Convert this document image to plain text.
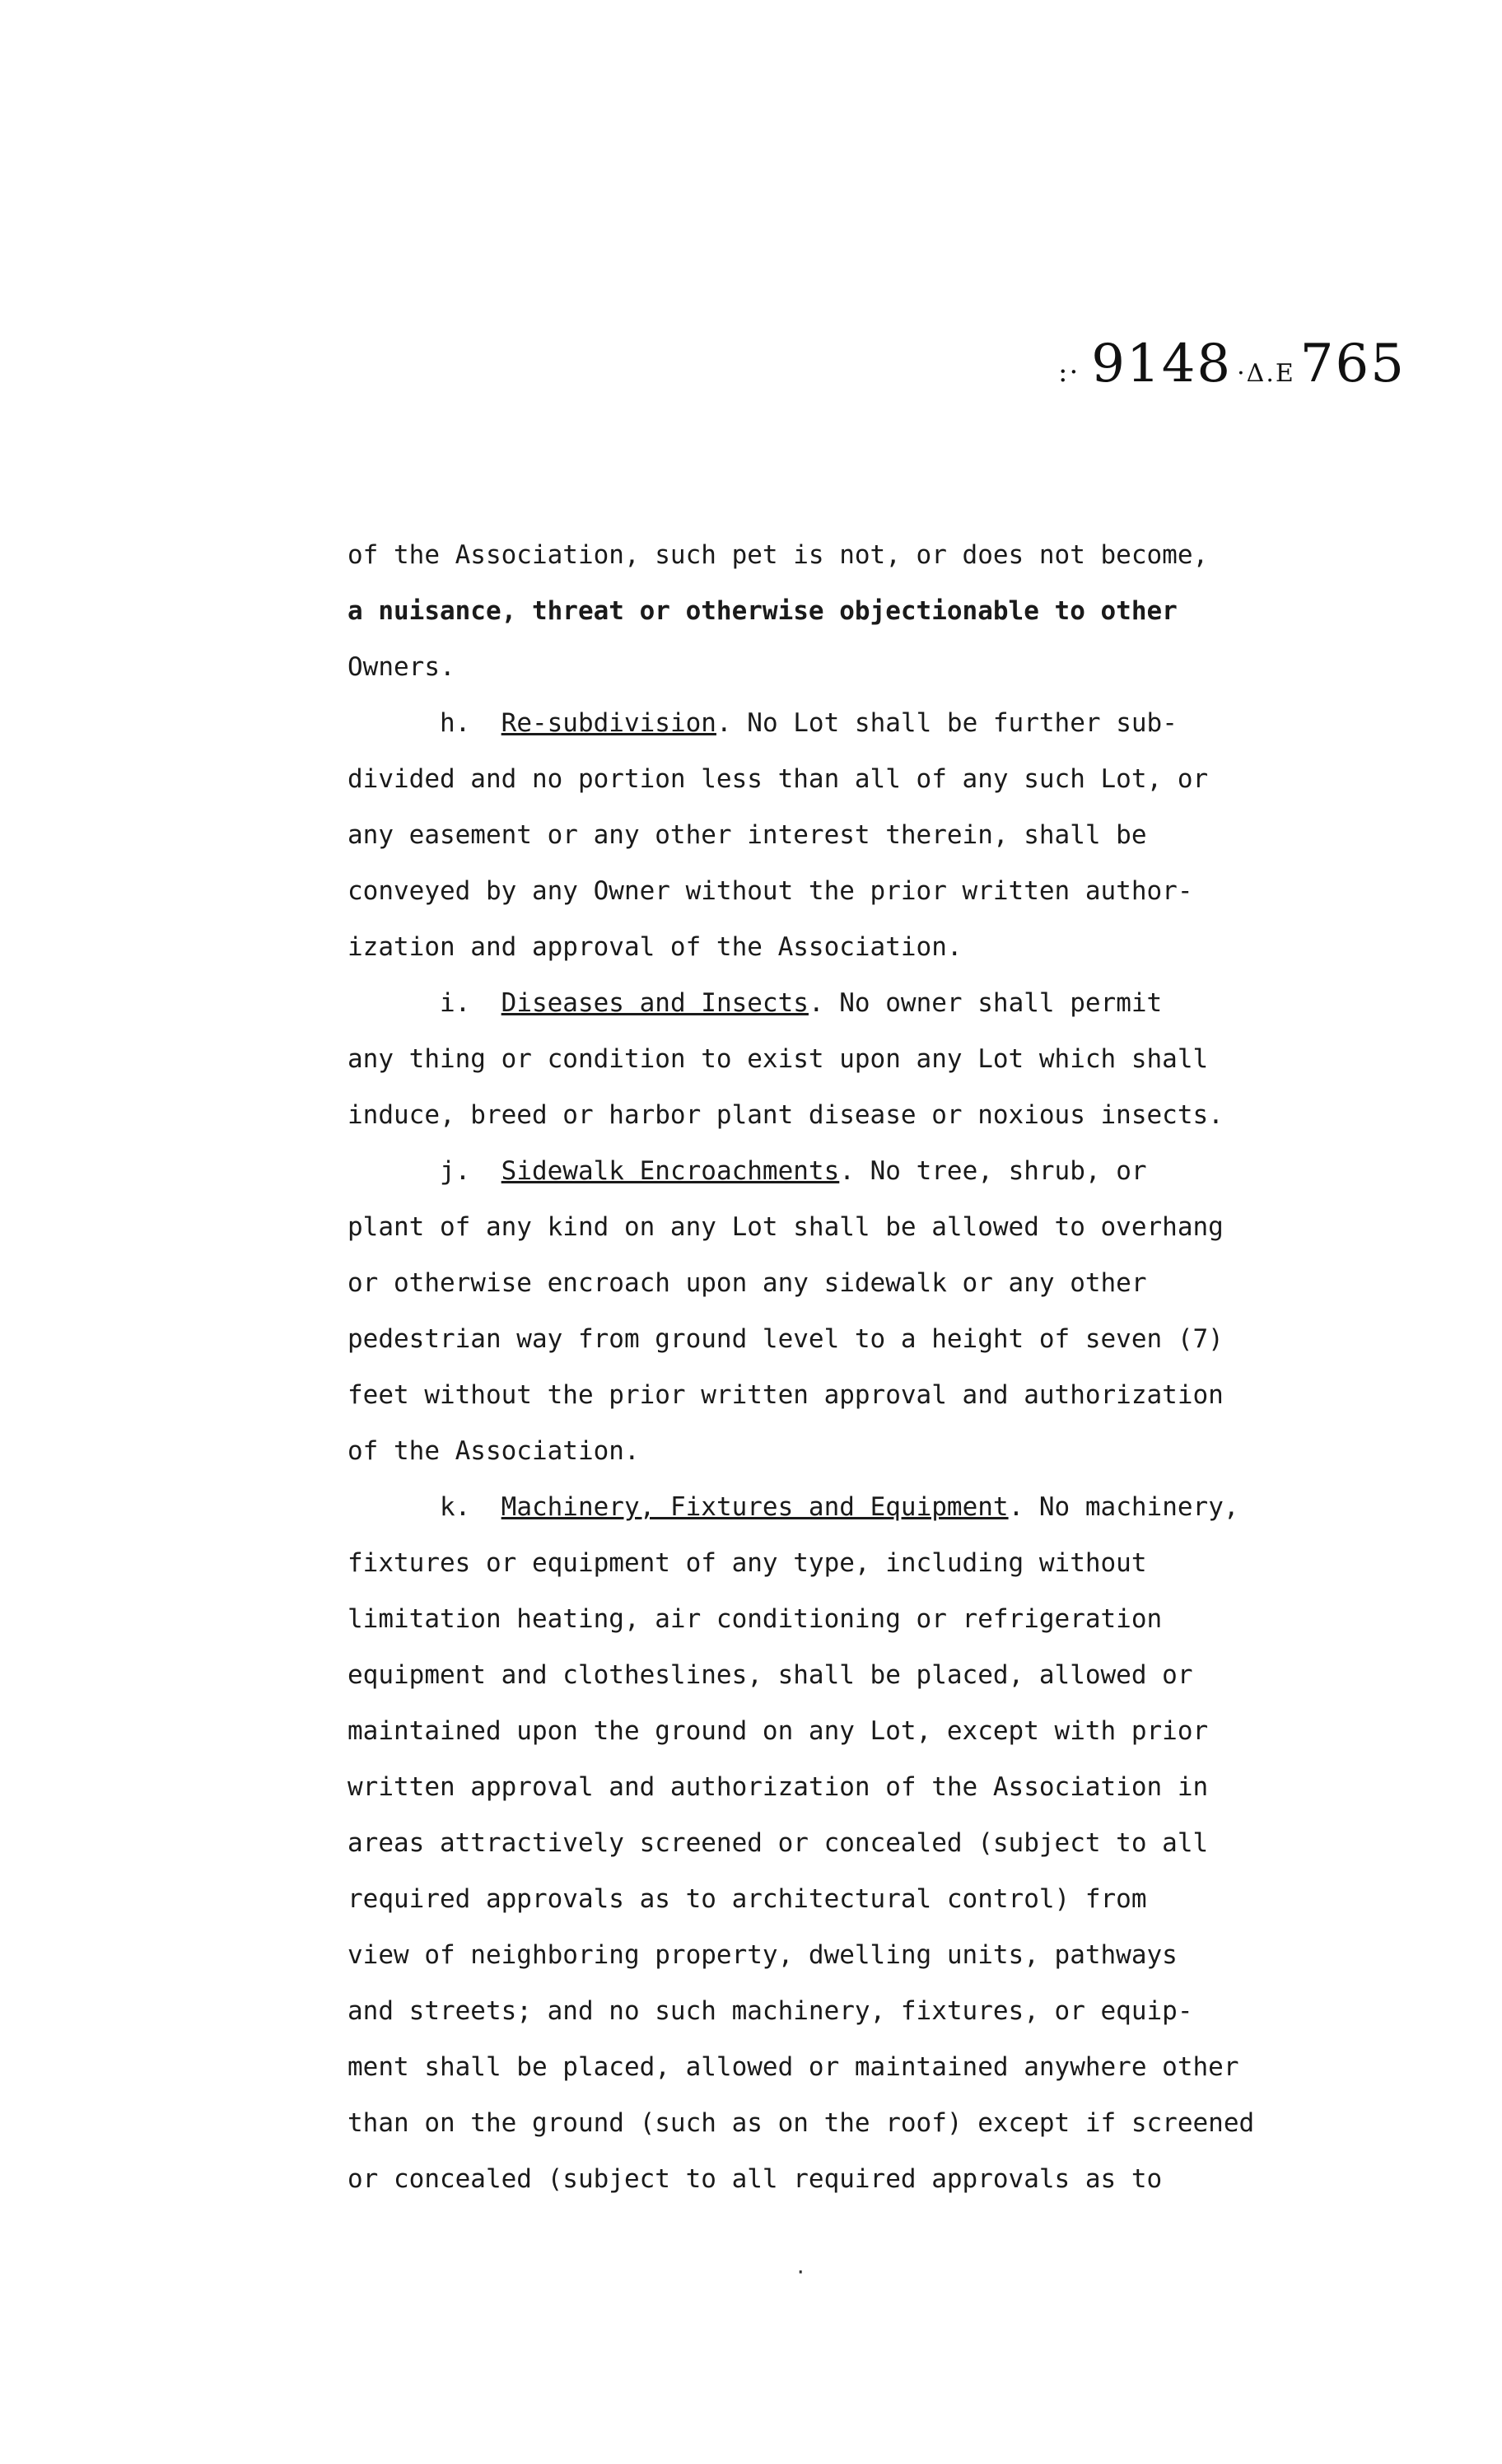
:· 9148 ·Δ.E765
of the Association, such pet is not, or does not become,
a nuisance, threat or otherwise objectionable to other
Owners.
h. Re-subdivision. No Lot shall be further sub-
divided and no portion less than all of any such Lot, or
any easement or any other interest therein, shall be
conveyed by any Owner without the prior written author-
ization and approval of the Association.
i. Diseases and Insects. No owner shall permit
any thing or condition to exist upon any Lot which shall
induce, breed or harbor plant disease or noxious insects.
j. Sidewalk Encroachments. No tree, shrub, or
plant of any kind on any Lot shall be allowed to overhang
or otherwise encroach upon any sidewalk or any other
pedestrian way from ground level to a height of seven (7)
feet without the prior written approval and authorization
of the Association.
k. Machinery, Fixtures and Equipment. No machinery,
fixtures or equipment of any type, including without
limitation heating, air conditioning or refrigeration
equipment and clotheslines, shall be placed, allowed or
maintained upon the ground on any Lot, except with prior
written approval and authorization of the Association in
areas attractively screened or concealed (subject to all
required approvals as to architectural control) from
view of neighboring property, dwelling units, pathways
and streets; and no such machinery, fixtures, or equip-
ment shall be placed, allowed or maintained anywhere other
than on the ground (such as on the roof) except if screened
or concealed (subject to all required approvals as to
·
